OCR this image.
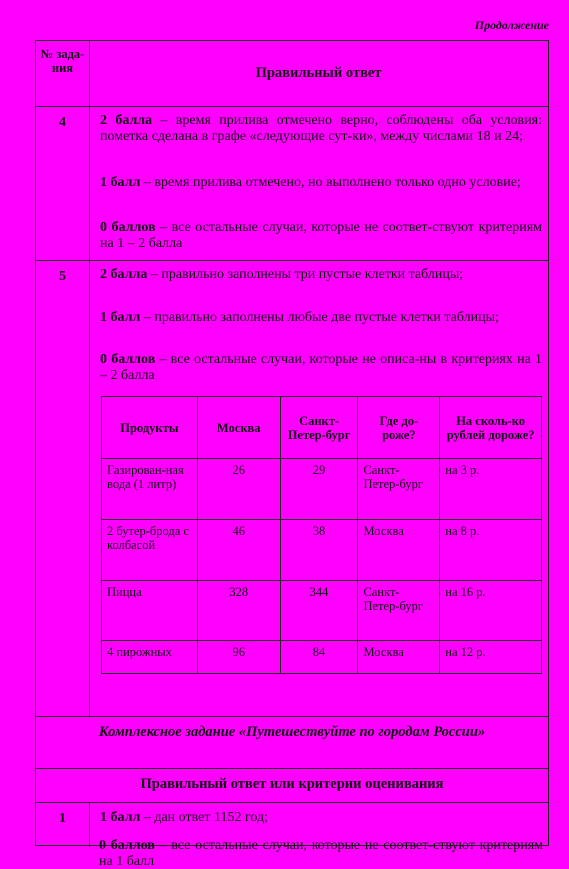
Продолжение
№ зада- ния	Правильный ответ
4	2 балла – время прилива отмечено верно, соблюдены оба условия: пометка сделана в графе «следующие сут-ки», между числами 18 и 24;
1 балл – время прилива отмечено, но выполнено только одно условие;
0 баллов – все остальные случаи, которые не соответ-ствуют критериям на 1 – 2 балла
5	2 балла – правильно заполнены три пустые клетки таблицы;
1 балл – правильно заполнены любые две пустые клетки таблицы;
0 баллов – все остальные случаи, которые не описа-ны в критериях на 1 – 2 балла
Продукты	Москва	Санкт-Петер-бург	Где до-роже?	На сколь-ко рублей дороже?
Газирован-ная вода (1 литр)	26	29	Санкт-Петер-бург	на 3 р.
2 бутер-брода с колбасой	46	38	Москва	на 8 р.
Пицца	328	344	Санкт-Петер-бург	на 16 р.
4 пирожных	96	84	Москва	на 12 р.
Комплексное задание «Путешествуйте по городам России»
Правильный ответ или критерии оценивания
1	1 балл – дан ответ 1152 год;
0 баллов – все остальные случаи, которые не соответ-ствуют критериям на 1 балл
